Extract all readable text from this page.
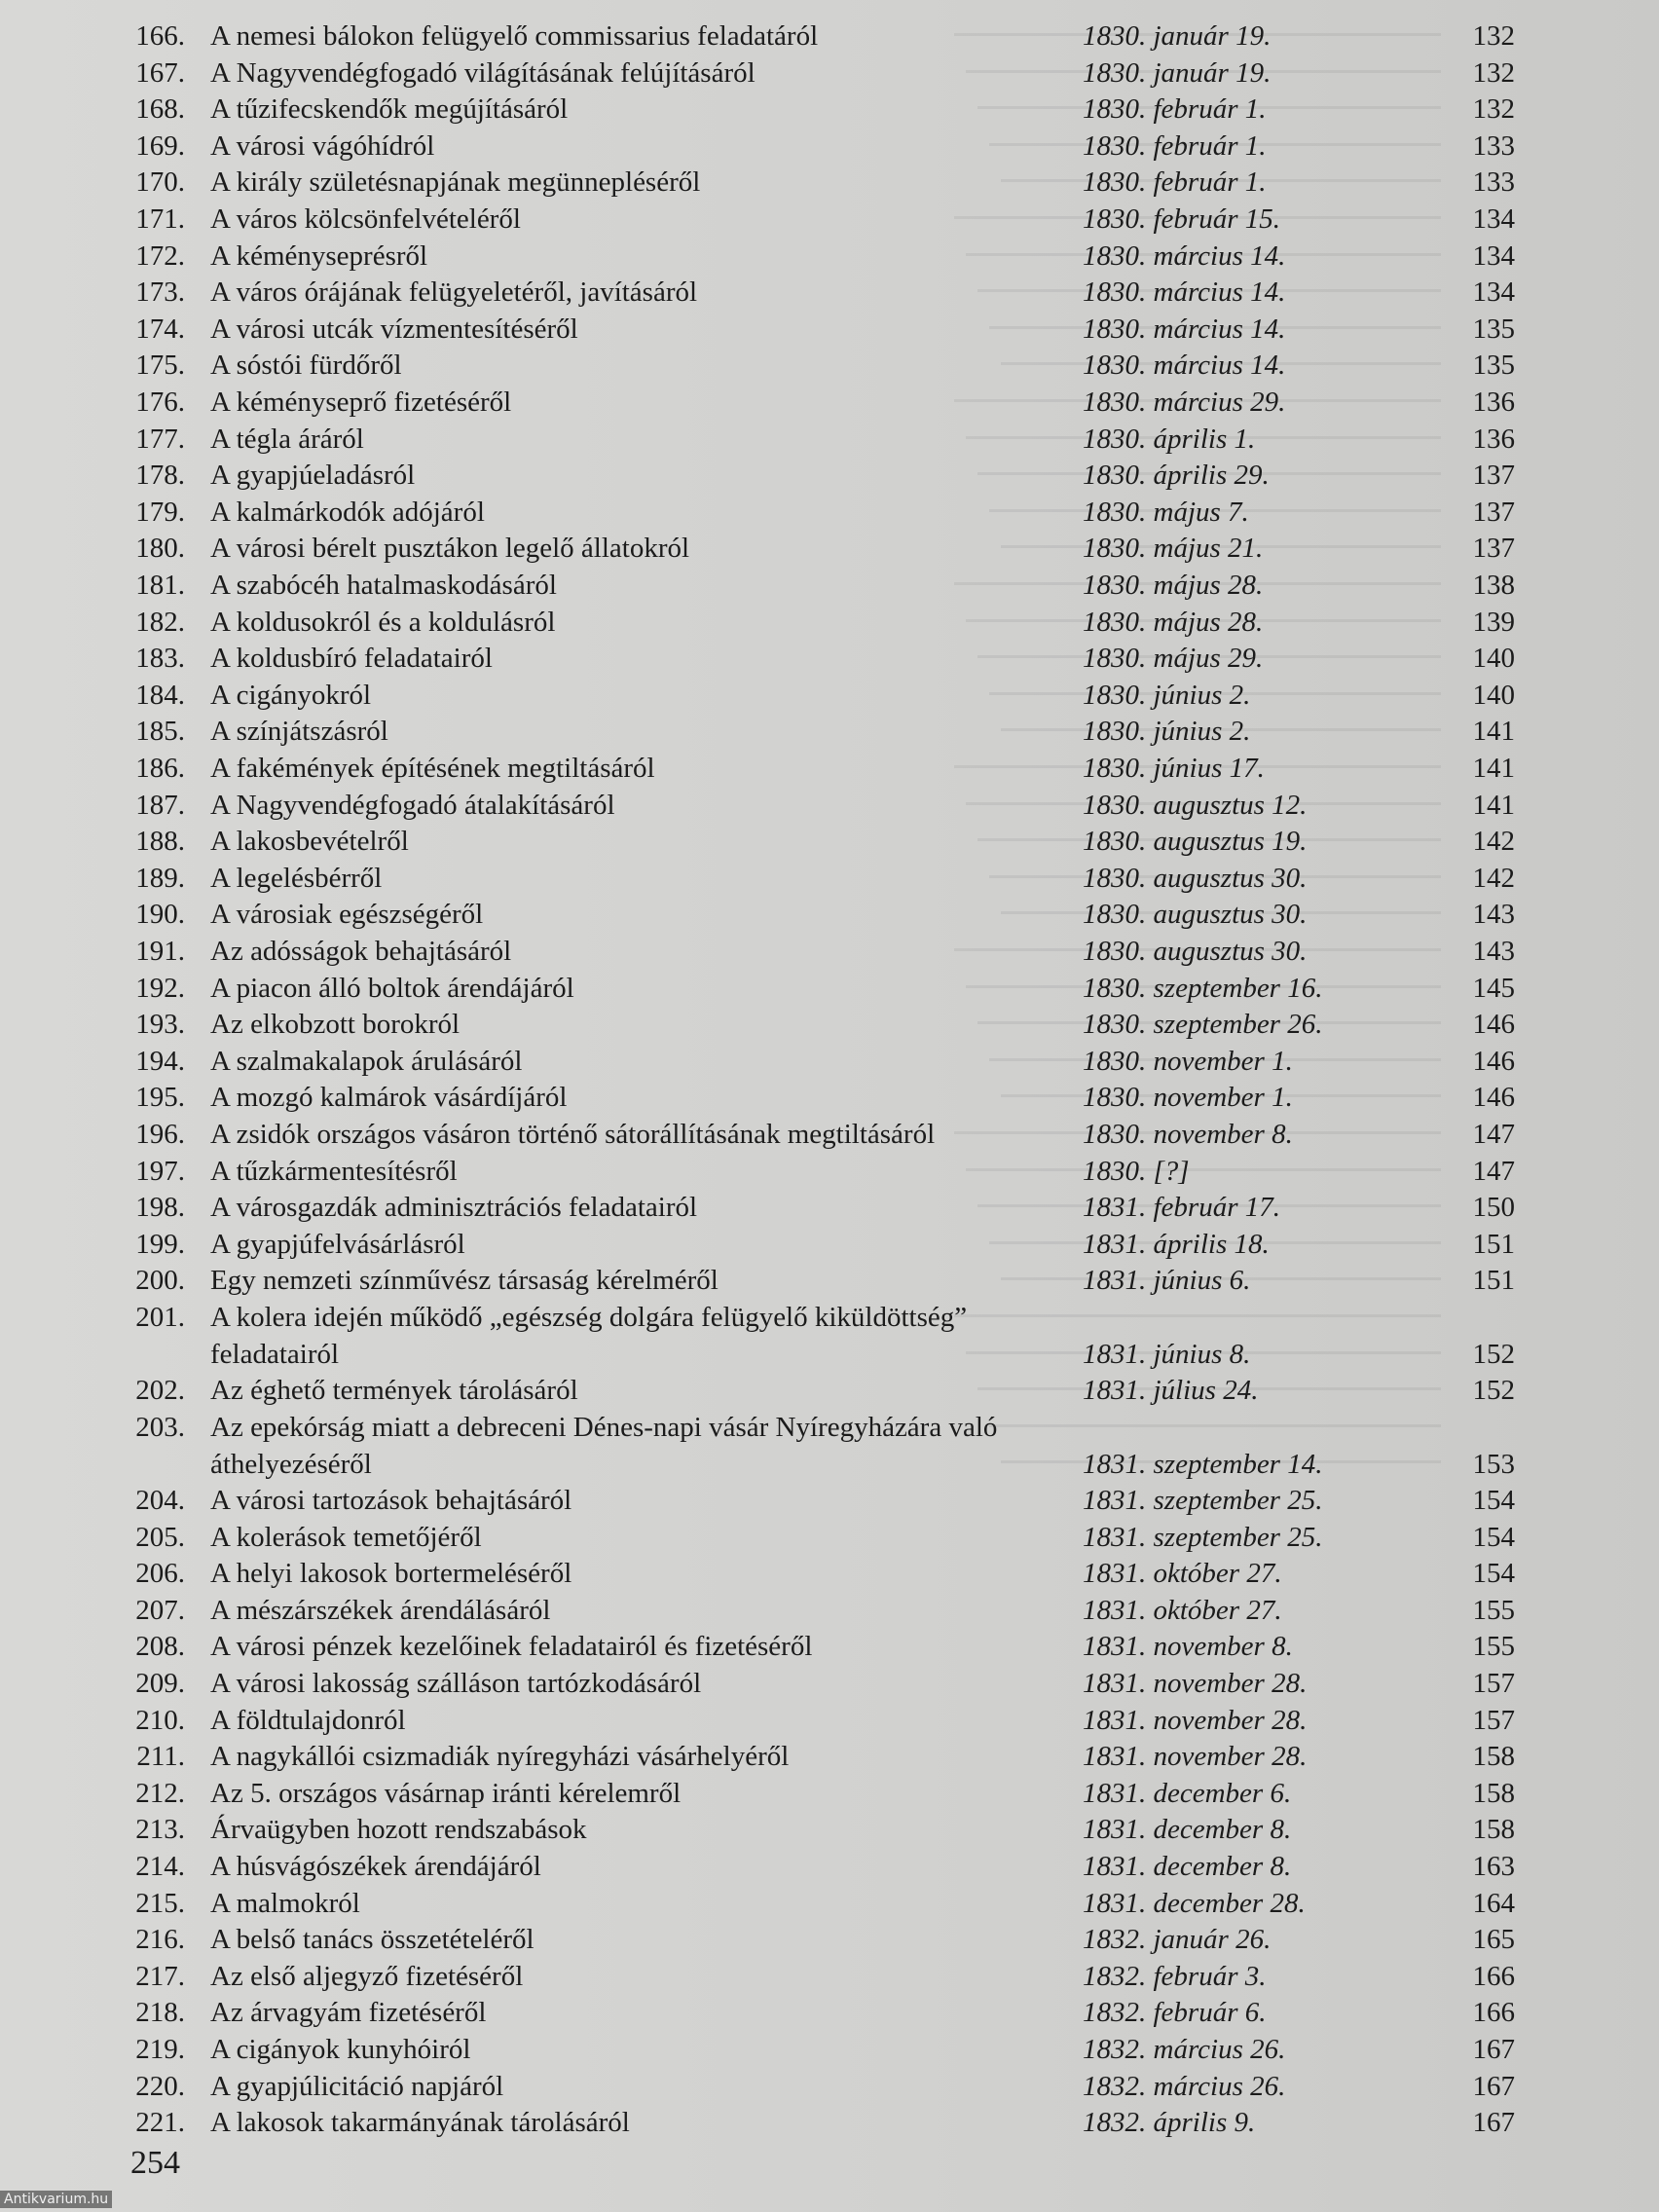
166. A nemesi bálokon felügyelő commissarius feladatáról	1830. január 19.	132
167. A Nagyvendégfogadó világításának felújításáról	1830. január 19.	132
168. A tűzifecskendők megújításáról	1830. február 1.	132
169. A városi vágóhídról	1830. február 1.	133
170. A király születésnapjának megünnepléséről	1830. február 1.	133
171. A város kölcsönfelvételéről	1830. február 15.	134
172. A kéményseprésről	1830. március 14.	134
173. A város órájának felügyeletéről, javításáról	1830. március 14.	134
174. A városi utcák vízmentesítéséről	1830. március 14.	135
175. A sóstói fürdőről	1830. március 14.	135
176. A kéményseprő fizetéséről	1830. március 29.	136
177. A tégla áráról	1830. április 1.	136
178. A gyapjúeladásról	1830. április 29.	137
179. A kalmárkodók adójáról	1830. május 7.	137
180. A városi bérelt pusztákon legelő állatokról	1830. május 21.	137
181. A szabócéh hatalmaskodásáról	1830. május 28.	138
182. A koldusokról és a koldulásról	1830. május 28.	139
183. A koldusbíró feladatairól	1830. május 29.	140
184. A cigányokról	1830. június 2.	140
185. A színjátszásról	1830. június 2.	141
186. A fakémények építésének megtiltásáról	1830. június 17.	141
187. A Nagyvendégfogadó átalakításáról	1830. augusztus 12.	141
188. A lakosbevételről	1830. augusztus 19.	142
189. A legelésbérről	1830. augusztus 30.	142
190. A városiak egészségéről	1830. augusztus 30.	143
191. Az adósságok behajtásáról	1830. augusztus 30.	143
192. A piacon álló boltok árendájáról	1830. szeptember 16.	145
193. Az elkobzott borokról	1830. szeptember 26.	146
194. A szalmakalapok árulásáról	1830. november 1.	146
195. A mozgó kalmárok vásárdíjáról	1830. november 1.	146
196. A zsidók országos vásáron történő sátorállításának megtiltásáról	1830. november 8.	147
197. A tűzkármentesítésről	1830. [?]	147
198. A városgazdák adminisztrációs feladatairól	1831. február 17.	150
199. A gyapjúfelvásárlásról	1831. április 18.	151
200. Egy nemzeti színművész társaság kérelméről	1831. június 6.	151
201. A kolera idején működő „egészség dolgára felügyelő kiküldöttség” feladatairól	1831. június 8.	152
202. Az éghető termények tárolásáról	1831. július 24.	152
203. Az epekórság miatt a debreceni Dénes-napi vásár Nyíregyházára való áthelyezéséről	1831. szeptember 14.	153
204. A városi tartozások behajtásáról	1831. szeptember 25.	154
205. A kolerások temetőjéről	1831. szeptember 25.	154
206. A helyi lakosok bortermeléséről	1831. október 27.	154
207. A mészárszékek árendálásáról	1831. október 27.	155
208. A városi pénzek kezelőinek feladatairól és fizetéséről	1831. november 8.	155
209. A városi lakosság szálláson tartózkodásáról	1831. november 28.	157
210. A földtulajdonról	1831. november 28.	157
211. A nagykállói csizmadiák nyíregyházi vásárhelyéről	1831. november 28.	158
212. Az 5. országos vásárnap iránti kérelemről	1831. december 6.	158
213. Árvaügyben hozott rendszabások	1831. december 8.	158
214. A húsvágószékek árendájáról	1831. december 8.	163
215. A malmokról	1831. december 28.	164
216. A belső tanács összetételéről	1832. január 26.	165
217. Az első aljegyző fizetéséről	1832. február 3.	166
218. Az árvagyám fizetéséről	1832. február 6.	166
219. A cigányok kunyhóiról	1832. március 26.	167
220. A gyapjúlicitáció napjáról	1832. március 26.	167
221. A lakosok takarmányának tárolásáról	1832. április 9.	167
254
Antikvarium.hu
